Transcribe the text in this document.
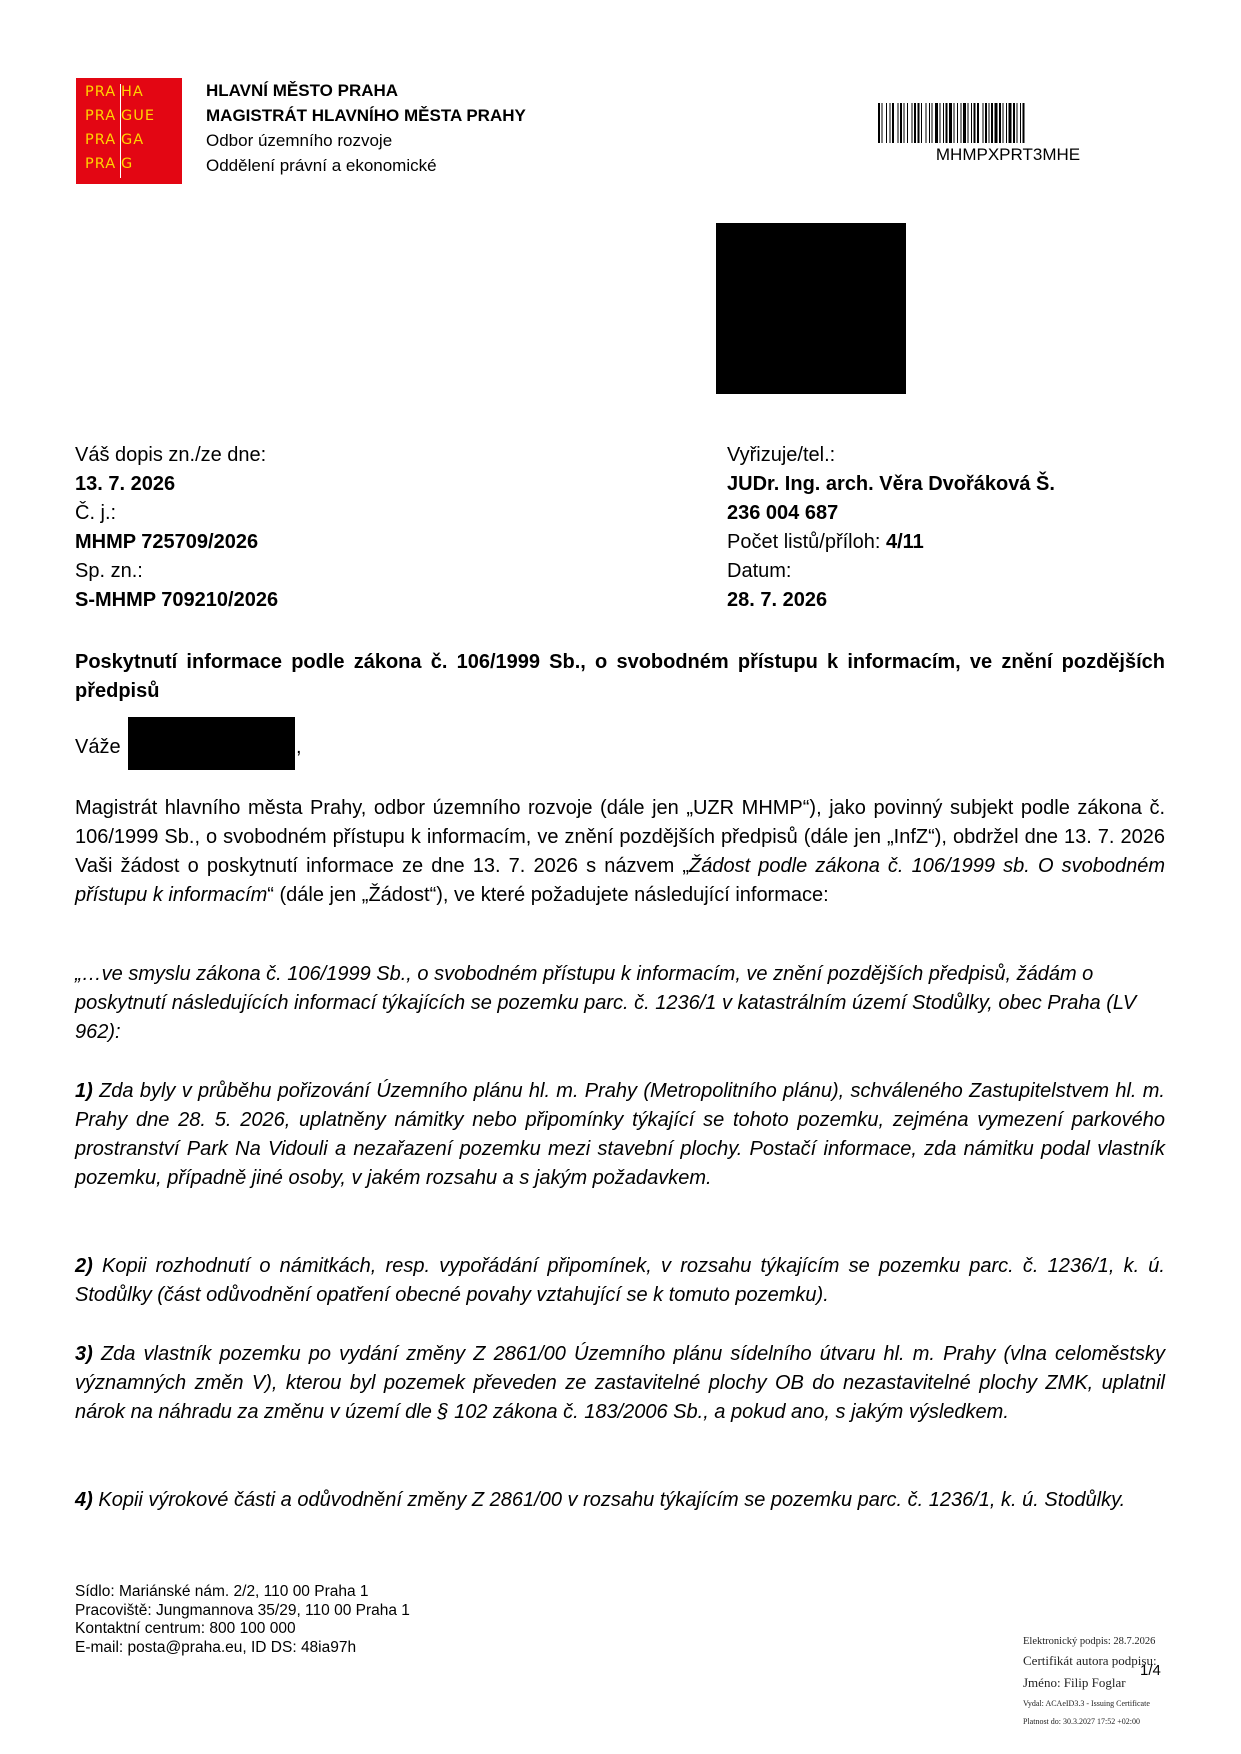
PRA HA
PRA GUE
PRA GA
PRA G
HLAVNÍ MĚSTO PRAHA
MAGISTRÁT HLAVNÍHO MĚSTA PRAHY
Odbor územního rozvoje
Oddělení právní a ekonomické
MHMPXPRT3MHE
Váš dopis zn./ze dne:
13. 7. 2026
Č. j.:
MHMP 725709/2026
Sp. zn.:
S-MHMP 709210/2026
Vyřizuje/tel.:
JUDr. Ing. arch. Věra Dvořáková Š.
236 004 687
Počet listů/příloh: 4/11
Datum:
28. 7. 2026
Poskytnutí informace podle zákona č. 106/1999 Sb., o svobodném přístupu k informacím, ve znění pozdějších předpisů
Váže	,
Magistrát hlavního města Prahy, odbor územního rozvoje (dále jen „UZR MHMP“), jako povinný subjekt podle zákona č. 106/1999 Sb., o svobodném přístupu k informacím, ve znění pozdějších předpisů (dále jen „InfZ“), obdržel dne 13. 7. 2026 Vaši žádost o poskytnutí informace ze dne 13. 7. 2026 s názvem „Žádost podle zákona č. 106/1999 sb. O svobodném přístupu k informacím“ (dále jen „Žádost“), ve které požadujete následující informace:
„…ve smyslu zákona č. 106/1999 Sb., o svobodném přístupu k informacím, ve znění pozdějších předpisů, žádám o poskytnutí následujících informací týkajících se pozemku parc. č. 1236/1 v katastrálním území Stodůlky, obec Praha (LV 962):
1) Zda byly v průběhu pořizování Územního plánu hl. m. Prahy (Metropolitního plánu), schváleného Zastupitelstvem hl. m. Prahy dne 28. 5. 2026, uplatněny námitky nebo připomínky týkající se tohoto pozemku, zejména vymezení parkového prostranství Park Na Vidouli a nezařazení pozemku mezi stavební plochy. Postačí informace, zda námitku podal vlastník pozemku, případně jiné osoby, v jakém rozsahu a s jakým požadavkem.
2) Kopii rozhodnutí o námitkách, resp. vypořádání připomínek, v rozsahu týkajícím se pozemku parc. č. 1236/1, k. ú. Stodůlky (část odůvodnění opatření obecné povahy vztahující se k tomuto pozemku).
3) Zda vlastník pozemku po vydání změny Z 2861/00 Územního plánu sídelního útvaru hl. m. Prahy (vlna celoměstsky významných změn V), kterou byl pozemek převeden ze zastavitelné plochy OB do nezastavitelné plochy ZMK, uplatnil nárok na náhradu za změnu v území dle § 102 zákona č. 183/2006 Sb., a pokud ano, s jakým výsledkem.
4) Kopii výrokové části a odůvodnění změny Z 2861/00 v rozsahu týkajícím se pozemku parc. č. 1236/1, k. ú. Stodůlky.
Sídlo: Mariánské nám. 2/2, 110 00 Praha 1
Pracoviště: Jungmannova 35/29, 110 00 Praha 1
Kontaktní centrum: 800 100 000
E-mail: posta@praha.eu, ID DS: 48ia97h	Elektronický podpis: 28.7.2026
Certifikát autora podpisu:
Jméno: Filip Foglar
Vydal: ACAeID3.3 - Issuing Certificate
Platnost do: 30.3.2027 17:52 +02:00
1/4
